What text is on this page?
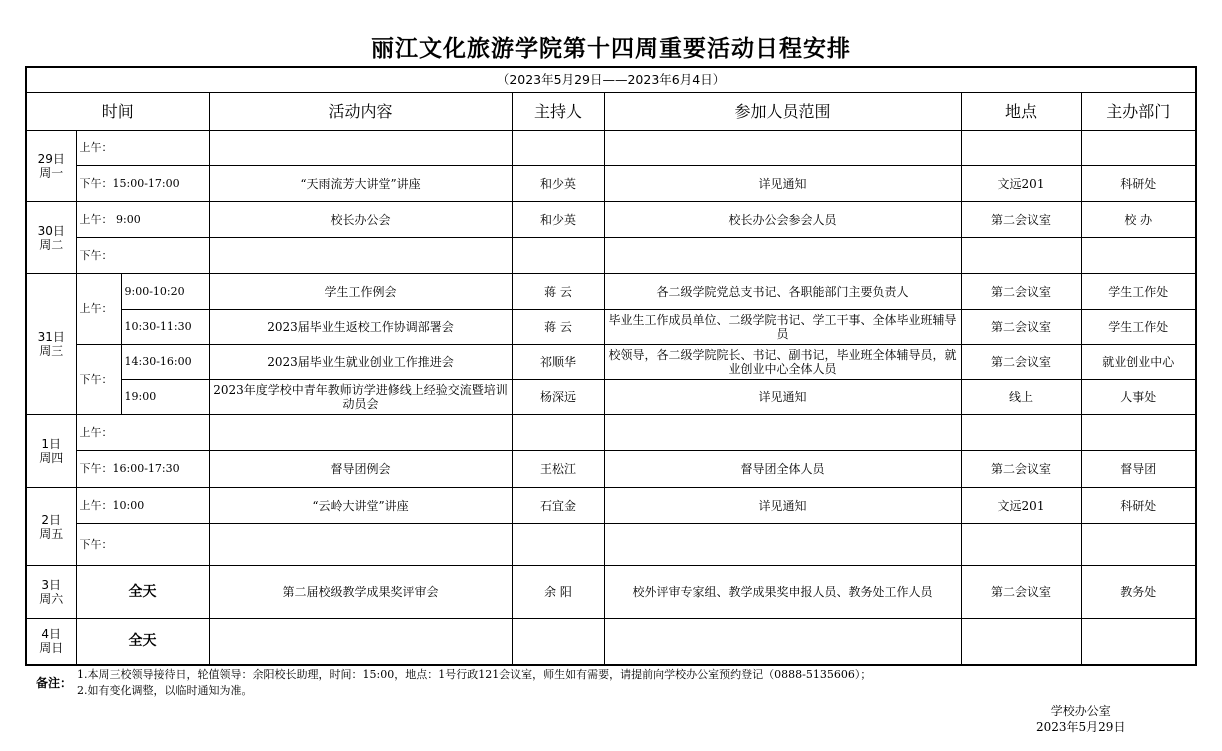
丽江文化旅游学院第十四周重要活动日程安排
（2023年5月29日——2023年6月4日）							
时间			活动内容	主持人	参加人员范围	地点	主办部门
29日
周一	上午：						
	下午：15:00-17:00		“天雨流芳大讲堂”讲座	和少英	详见通知	文远201	科研处
30日
周二	上午： 9:00		校长办公会	和少英	校长办公会参会人员	第二会议室	校 办
	下午：						
31日
周三	上午：	9:00-10:20	学生工作例会	蒋 云	各二级学院党总支书记、各职能部门主要负责人	第二会议室	学生工作处
		10:30-11:30	2023届毕业生返校工作协调部署会	蒋 云	毕业生工作成员单位、二级学院书记、学工干事、全体毕业班辅导员	第二会议室	学生工作处
	下午：	14:30-16:00	2023届毕业生就业创业工作推进会	祁顺华	校领导，各二级学院院长、书记、副书记，毕业班全体辅导员，就业创业中心全体人员	第二会议室	就业创业中心
		19:00	2023年度学校中青年教师访学进修线上经验交流暨培训动员会	杨深远	详见通知	线上	人事处
1日
周四	上午：						
	下午：16:00-17:30		督导团例会	王松江	督导团全体人员	第二会议室	督导团
2日
周五	上午：10:00		“云岭大讲堂”讲座	石宜金	详见通知	文远201	科研处
	下午：						
3日
周六	全天		第二届校级教学成果奖评审会	余 阳	校外评审专家组、教学成果奖申报人员、教务处工作人员	第二会议室	教务处
4日
周日	全天						
备注：
1.本周三校领导接待日，轮值领导：余阳校长助理，时间：15:00，地点：1号行政121会议室，师生如有需要，请提前向学校办公室预约登记（0888-5135606）；
2.如有变化调整，以临时通知为准。
学校办公室
2023年5月29日
